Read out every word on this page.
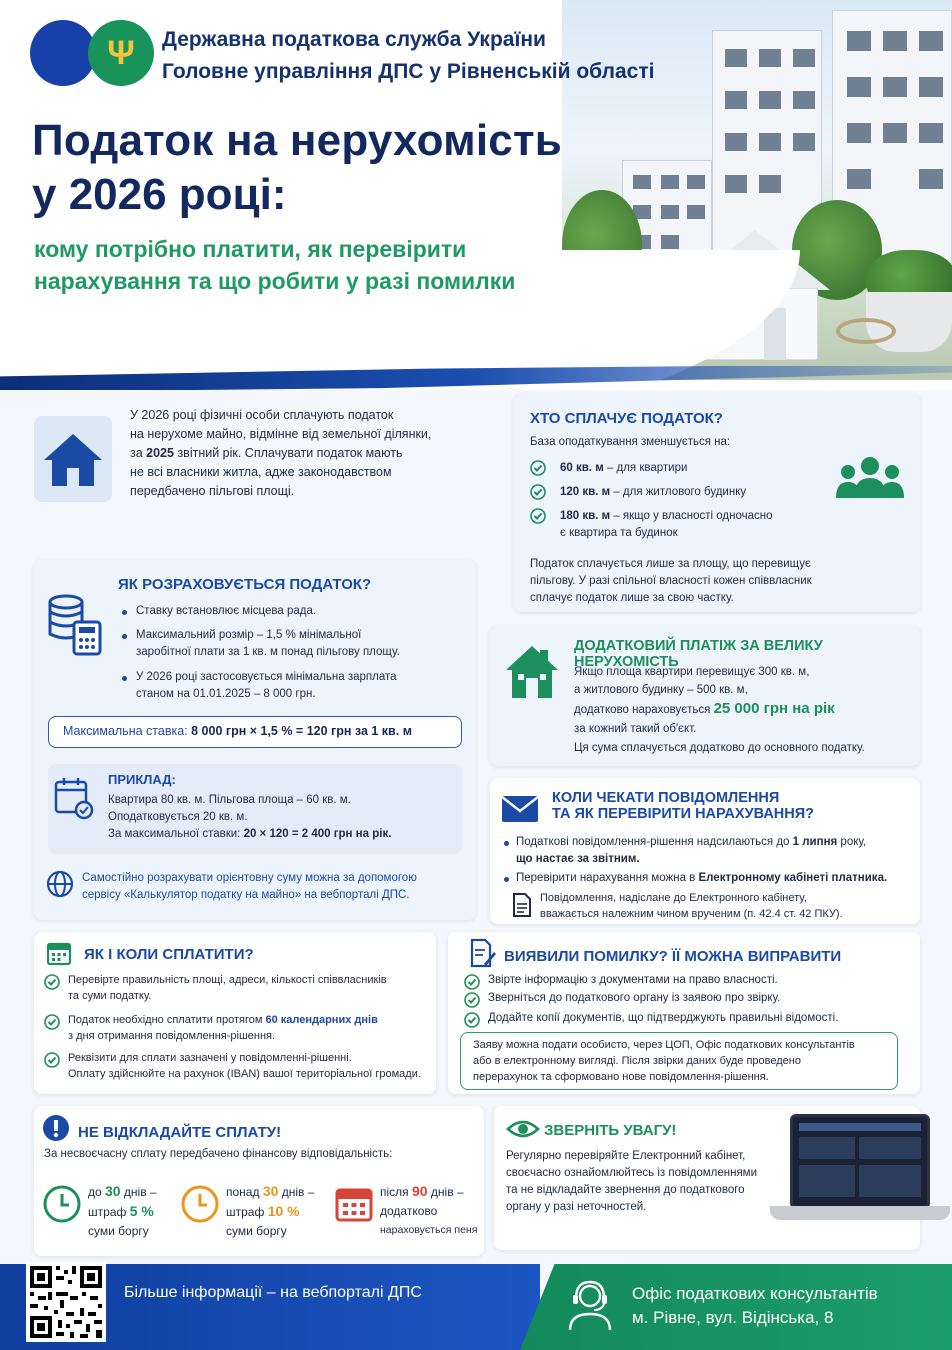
Ψ Державна податкова служба України
Головне управління ДПС у Рівненській області
Податок на нерухомість
у 2026 році:
кому потрібно платити, як перевірити
нарахування та що робити у разі помилки
У 2026 році фізичні особи сплачують податок
на нерухоме майно, відмінне від земельної ділянки,
за 2025 звітний рік. Сплачувати податок мають
не всі власники житла, адже законодавством
передбачено пільгові площі.
ХТО СПЛАЧУЄ ПОДАТОК?
База оподаткування зменшується на:
60 кв. м – для квартири
120 кв. м – для житлового будинку
180 кв. м – якщо у власності одночасно
є квартира та будинок
Податок сплачується лише за площу, що перевищує
пільгову. У разі спільної власності кожен співвласник
сплачує податок лише за свою частку.
ЯК РОЗРАХОВУЄТЬСЯ ПОДАТОК?
Ставку встановлює місцева рада.
Максимальний розмір – 1,5 % мінімальної
заробітної плати за 1 кв. м понад пільгову площу.
У 2026 році застосовується мінімальна зарплата
станом на 01.01.2025 – 8 000 грн.
Максимальна ставка: 8 000 грн × 1,5 % = 120 грн за 1 кв. м
ПРИКЛАД:
Квартира 80 кв. м. Пільгова площа – 60 кв. м.
Оподатковується 20 кв. м.
За максимальної ставки: 20 × 120 = 2 400 грн на рік.
Самостійно розрахувати орієнтовну суму можна за допомогою
сервісу «Калькулятор податку на майно» на вебпорталі ДПС.
ДОДАТКОВИЙ ПЛАТІЖ ЗА ВЕЛИКУ НЕРУХОМІСТЬ
Якщо площа квартири перевищує 300 кв. м,
а житлового будинку – 500 кв. м,
додатково нараховується 25 000 грн на рік
за кожний такий об'єкт.
Ця сума сплачується додатково до основного податку.
КОЛИ ЧЕКАТИ ПОВІДОМЛЕННЯ
ТА ЯК ПЕРЕВІРИТИ НАРАХУВАННЯ?
Податкові повідомлення-рішення надсилаються до 1 липня року,
що настає за звітним.
Перевірити нарахування можна в Електронному кабінеті платника.
Повідомлення, надіслане до Електронного кабінету,
вважається належним чином врученим (п. 42.4 ст. 42 ПКУ).
ЯК І КОЛИ СПЛАТИТИ?
Перевірте правильність площі, адреси, кількості співвласників
та суми податку.
Податок необхідно сплатити протягом 60 календарних днів
з дня отримання повідомлення-рішення.
Реквізити для сплати зазначені у повідомленні-рішенні.
Оплату здійснюйте на рахунок (IBAN) вашої територіальної громади.
ВИЯВИЛИ ПОМИЛКУ? ЇЇ МОЖНА ВИПРАВИТИ
Звірте інформацію з документами на право власності.
Зверніться до податкового органу із заявою про звірку.
Додайте копії документів, що підтверджують правильні відомості.
Заяву можна подати особисто, через ЦОП, Офіс податкових консультантів
або в електронному вигляді. Після звірки даних буде проведено
перерахунок та сформовано нове повідомлення-рішення.
НЕ ВІДКЛАДАЙТЕ СПЛАТУ!
За несвоєчасну сплату передбачено фінансову відповідальність:
до 30 днів –
штраф 5 %
суми боргу
понад 30 днів –
штраф 10 %
суми боргу
після 90 днів –
додатково
нараховується пеня
ЗВЕРНІТЬ УВАГУ!
Регулярно перевіряйте Електронний кабінет,
своєчасно ознайомлюйтесь із повідомленнями
та не відкладайте звернення до податкового
органу у разі неточностей.
Більше інформації – на вебпорталі ДПС	Офіс податкових консультантів
м. Рівне, вул. Відінська, 8
